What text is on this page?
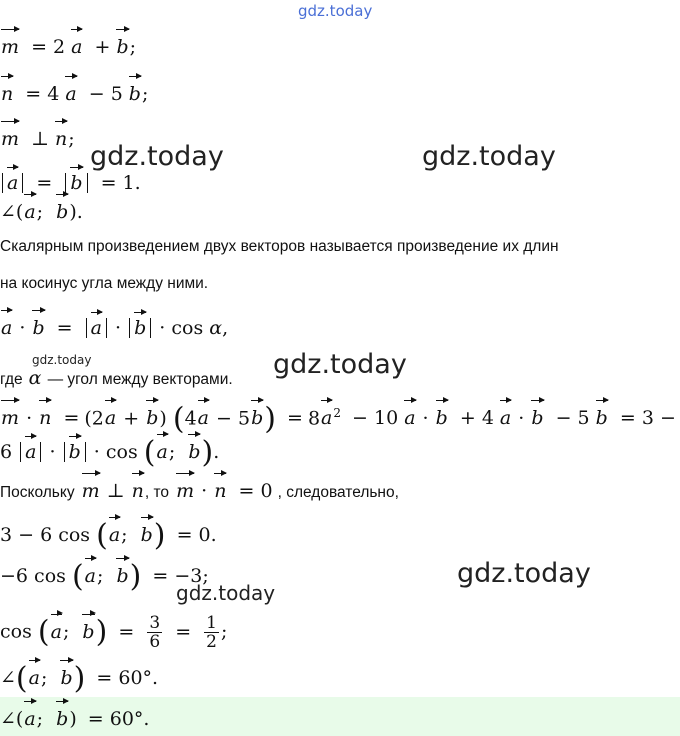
gdz.today
gdz.today	gdz.today
gdz.today	gdz.today
gdz.today
gdz.today
m = 2 a + b;
n = 4 a − 5 b;
m ⊥ n;
a = b = 1.
∠(a;  b).
Скалярным произведением двух векторов называется произведение их длин
на косинус угла между ними.
a · b = a · b · cos α,
где α — угол между векторами.
m · n = (2a + b) $(4a - 5b) = 8a^2 - 10$ a · b + 4 a · b − 5 b = 3 −
6 a · b · cos (a;  b).
Поскольку m ⊥ n, то m · n = 0 , следовательно,
3 − 6 cos (a;  b) = 0.
−6 cos (a;  b) = −3;
cos (a;  $b) = \frac{3}{6} = \frac{1}{2}$ ;
∠(a;  b) = 60°.
∠(a;  b) = 60°.
